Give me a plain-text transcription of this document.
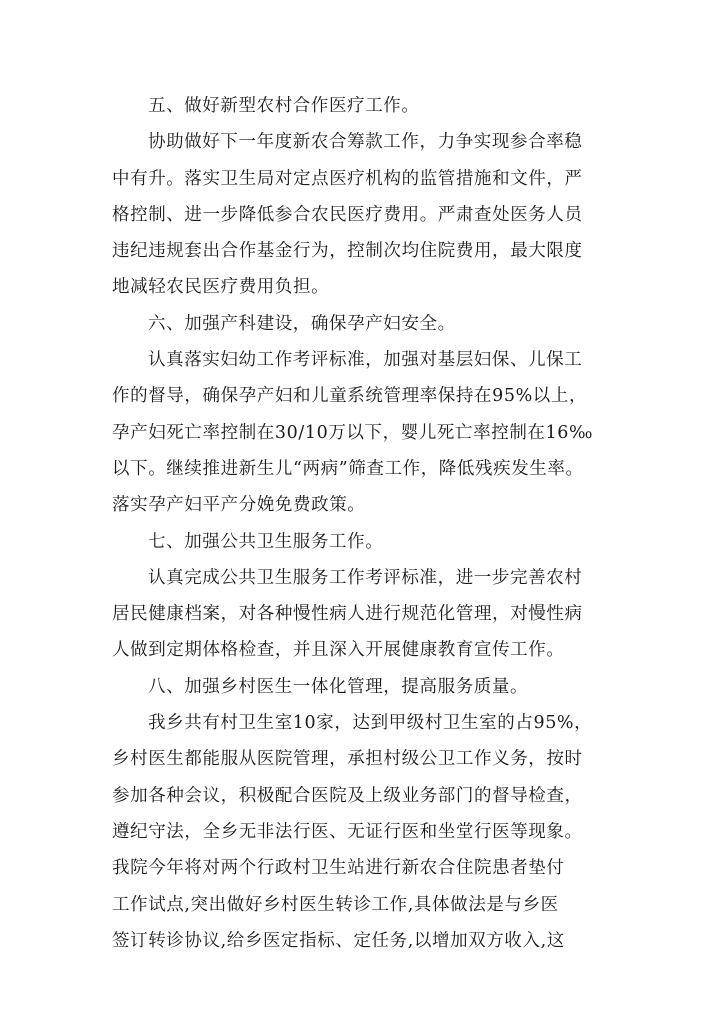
五、做好新型农村合作医疗工作。
协助做好下一年度新农合筹款工作，力争实现参合率稳
中有升。落实卫生局对定点医疗机构的监管措施和文件，严
格控制、进一步降低参合农民医疗费用。严肃查处医务人员
违纪违规套出合作基金行为，控制次均住院费用，最大限度
地减轻农民医疗费用负担。
六、加强产科建设，确保孕产妇安全。
认真落实妇幼工作考评标准，加强对基层妇保、儿保工
作的督导，确保孕产妇和儿童系统管理率保持在95%以上，
孕产妇死亡率控制在30/10万以下，婴儿死亡率控制在16‰
以下。继续推进新生儿“两病”筛查工作，降低残疾发生率。
落实孕产妇平产分娩免费政策。
七、加强公共卫生服务工作。
认真完成公共卫生服务工作考评标准，进一步完善农村
居民健康档案，对各种慢性病人进行规范化管理，对慢性病
人做到定期体格检查，并且深入开展健康教育宣传工作。
八、加强乡村医生一体化管理，提高服务质量。
我乡共有村卫生室10家，达到甲级村卫生室的占95%，
乡村医生都能服从医院管理，承担村级公卫工作义务，按时
参加各种会议，积极配合医院及上级业务部门的督导检查，
遵纪守法，全乡无非法行医、无证行医和坐堂行医等现象。
我院今年将对两个行政村卫生站进行新农合住院患者垫付
工作试点,突出做好乡村医生转诊工作,具体做法是与乡医
签订转诊协议,给乡医定指标、定任务,以增加双方收入,这
